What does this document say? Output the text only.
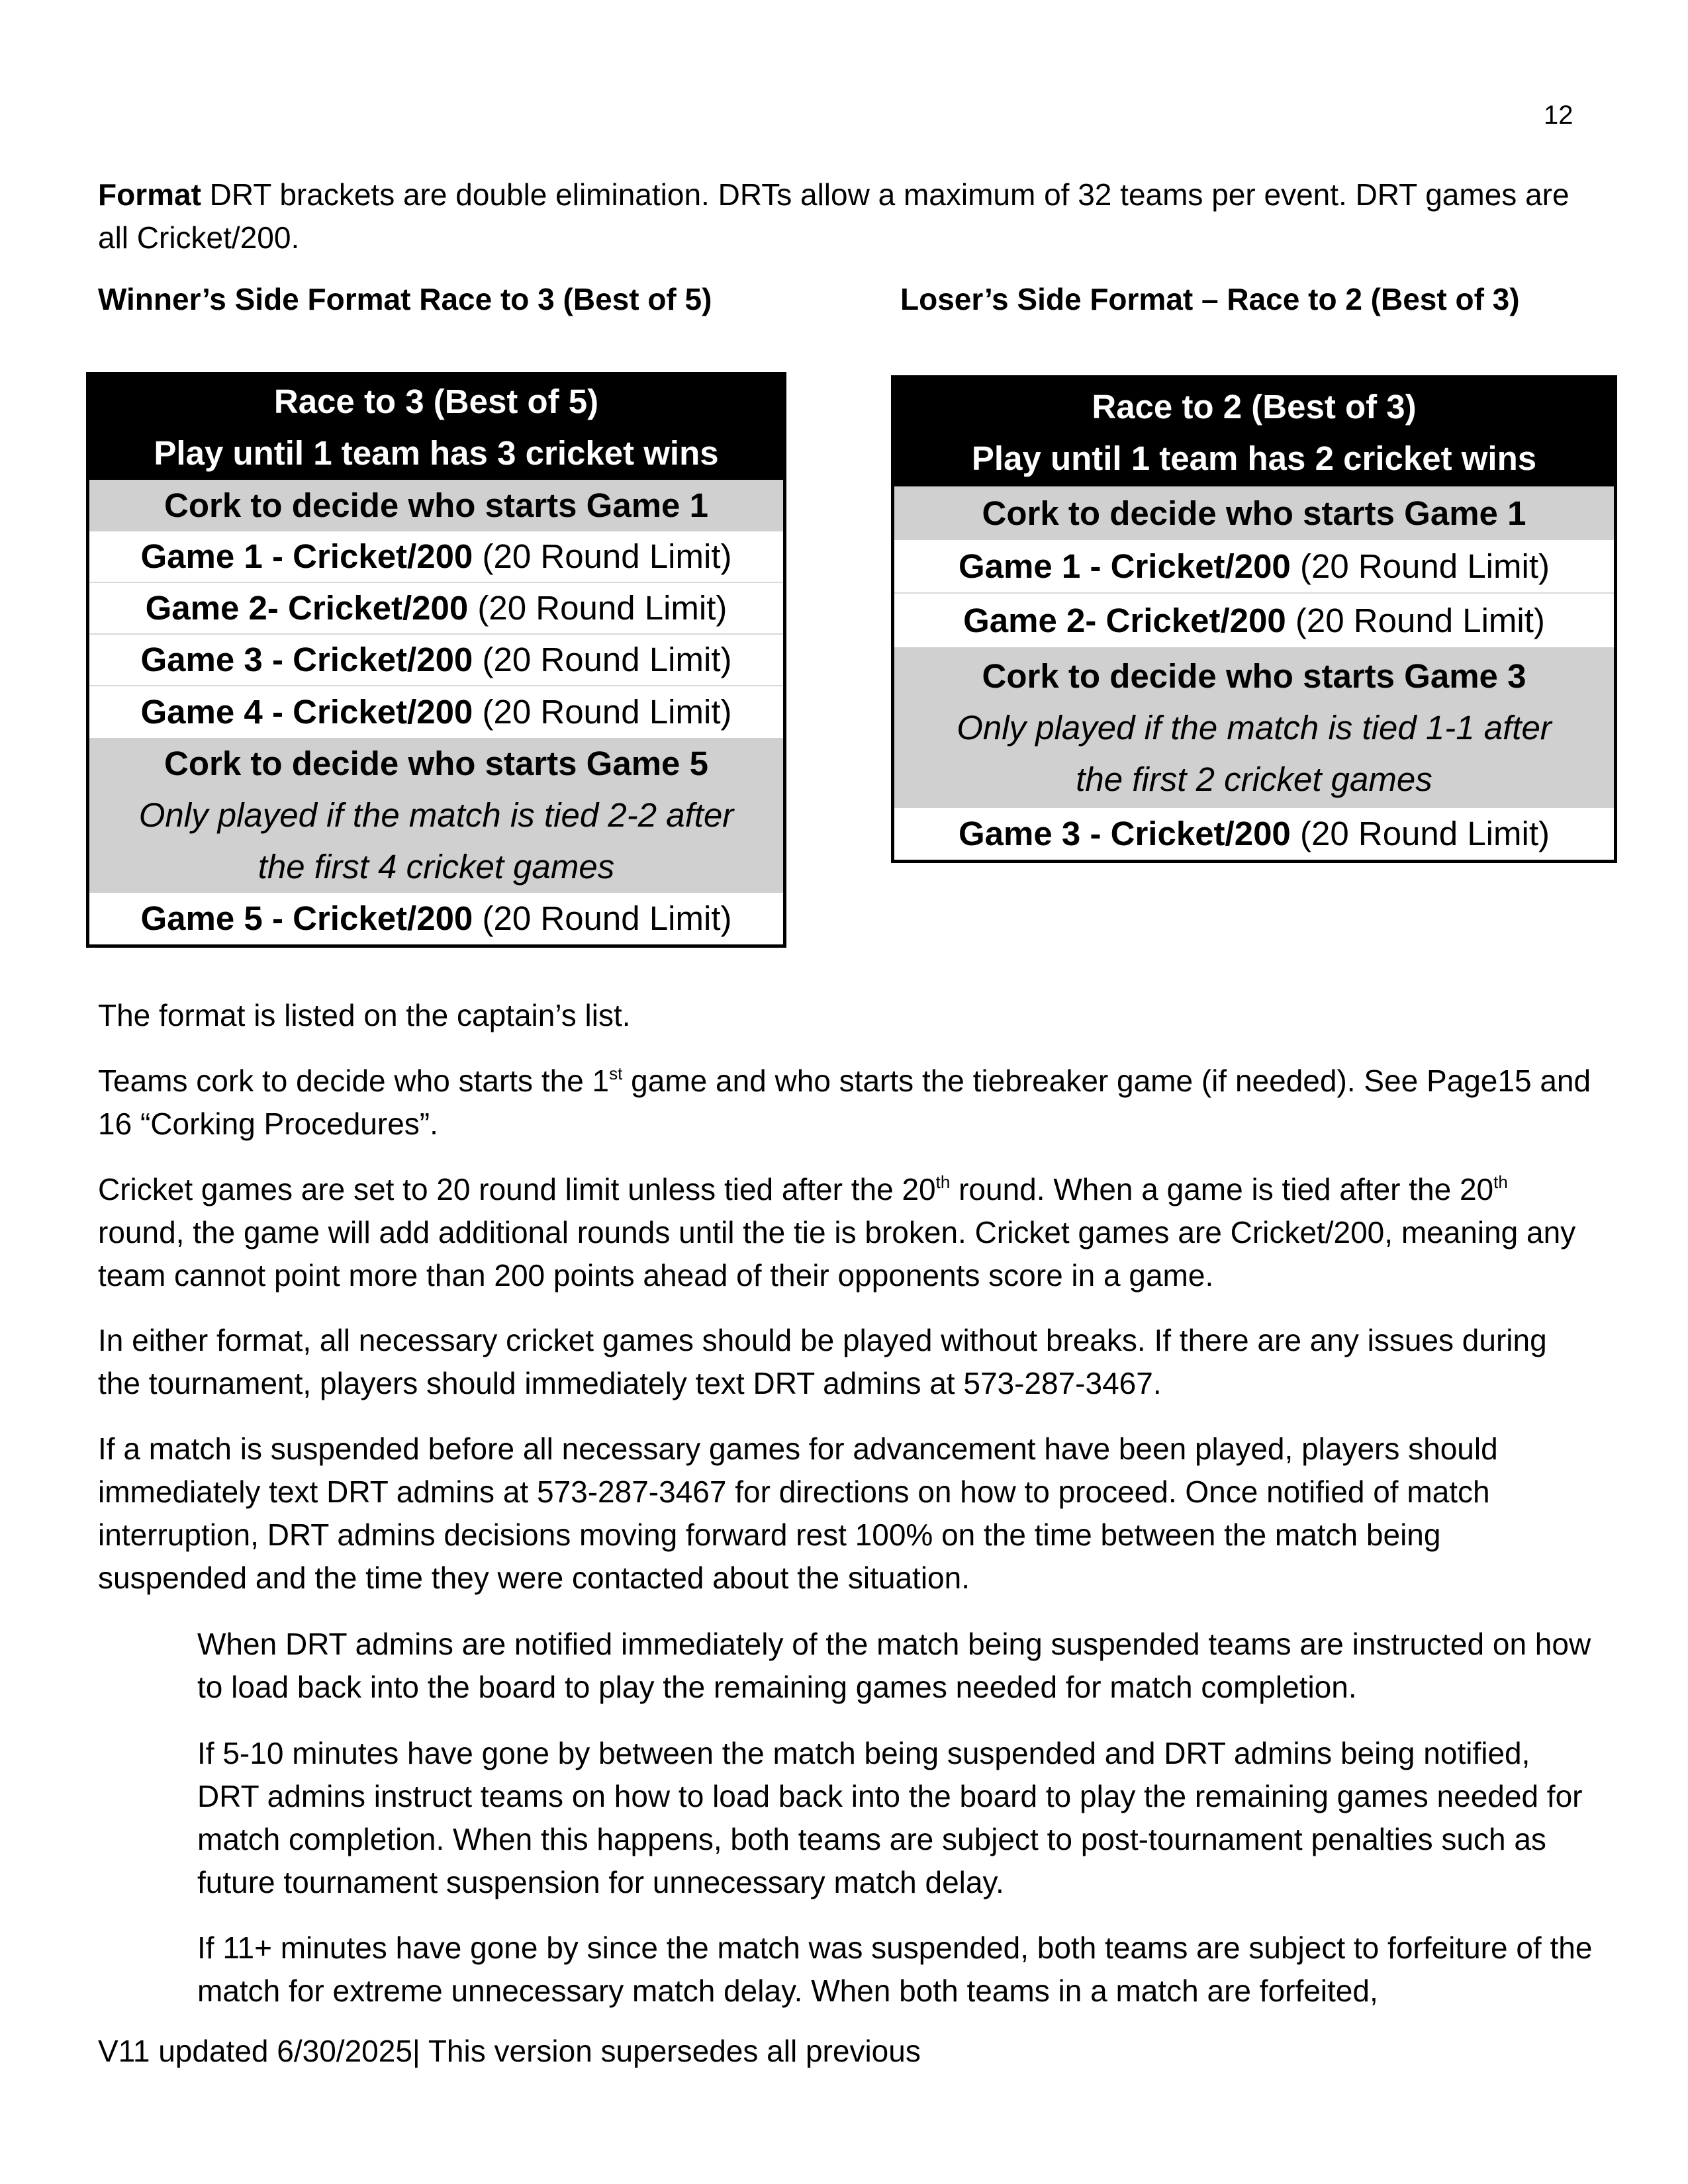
12

Format DRT brackets are double elimination. DRTs allow a maximum of 32 teams per event. DRT games are all Cricket/200.

Winner’s Side Format Race to 3 (Best of 5)	Loser’s Side Format – Race to 2 (Best of 3)
Race to 3 (Best of 5)
Play until 1 team has 3 cricket wins
Cork to decide who starts Game 1
Game 1 - Cricket/200 (20 Round Limit)
Game 2- Cricket/200 (20 Round Limit)
Game 3 - Cricket/200 (20 Round Limit)
Game 4 - Cricket/200 (20 Round Limit)
Cork to decide who starts Game 5
Only played if the match is tied 2-2 after
the first 4 cricket games
Game 5 - Cricket/200 (20 Round Limit)
Race to 2 (Best of 3)
Play until 1 team has 2 cricket wins
Cork to decide who starts Game 1
Game 1 - Cricket/200 (20 Round Limit)
Game 2- Cricket/200 (20 Round Limit)
Cork to decide who starts Game 3
Only played if the match is tied 1-1 after
the first 2 cricket games
Game 3 - Cricket/200 (20 Round Limit)

The format is listed on the captain’s list.

Teams cork to decide who starts the 1st game and who starts the tiebreaker game (if needed). See Page15 and 16 “Corking Procedures”.

Cricket games are set to 20 round limit unless tied after the 20th round. When a game is tied after the 20th round, the game will add additional rounds until the tie is broken. Cricket games are Cricket/200, meaning any team cannot point more than 200 points ahead of their opponents score in a game.

In either format, all necessary cricket games should be played without breaks. If there are any issues during the tournament, players should immediately text DRT admins at 573-287-3467.

If a match is suspended before all necessary games for advancement have been played, players should immediately text DRT admins at 573-287-3467 for directions on how to proceed. Once notified of match interruption, DRT admins decisions moving forward rest 100% on the time between the match being suspended and the time they were contacted about the situation.

When DRT admins are notified immediately of the match being suspended teams are instructed on how to load back into the board to play the remaining games needed for match completion.

If 5-10 minutes have gone by between the match being suspended and DRT admins being notified, DRT admins instruct teams on how to load back into the board to play the remaining games needed for match completion. When this happens, both teams are subject to post-tournament penalties such as future tournament suspension for unnecessary match delay.

If 11+ minutes have gone by since the match was suspended, both teams are subject to forfeiture of the match for extreme unnecessary match delay. When both teams in a match are forfeited,

V11 updated 6/30/2025| This version supersedes all previous
